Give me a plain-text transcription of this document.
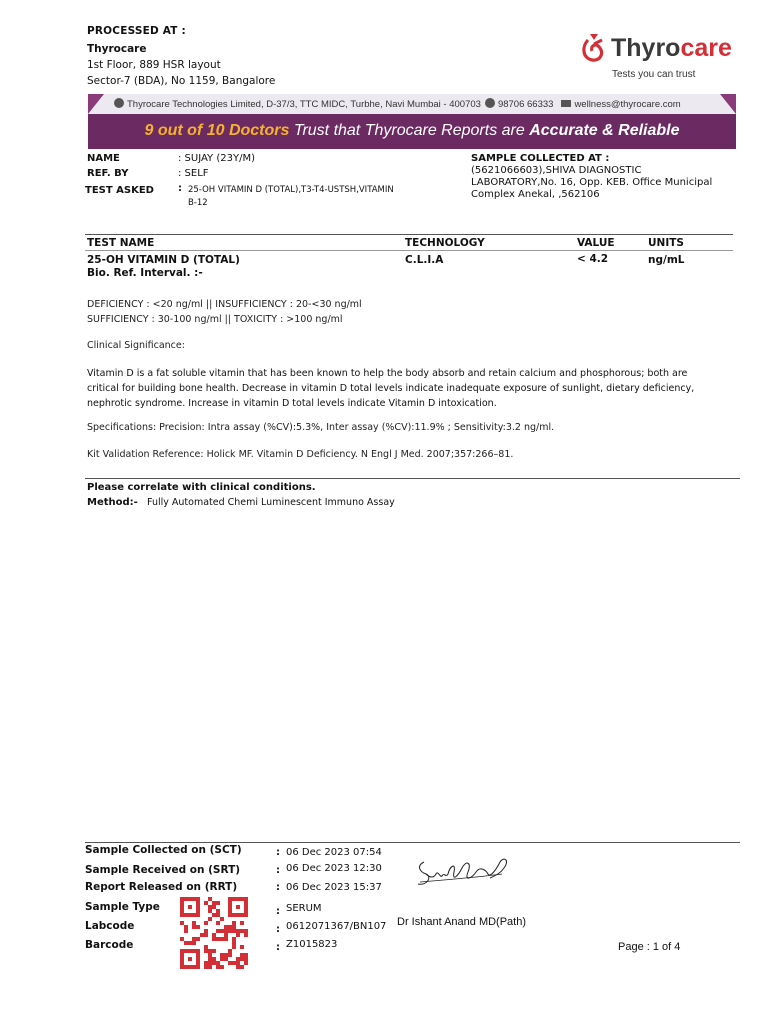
PROCESSED AT :
Thyrocare
1st Floor, 889 HSR layout
Sector-7 (BDA), No 1159, Bangalore
Thyrocare
Tests you can trust
Thyrocare Technologies Limited, D-37/3, TTC MIDC, Turbhe, Navi Mumbai - 400703 98706 66333 wellness@thyrocare.com
9 out of 10 Doctors Trust that Thyrocare Reports are Accurate & Reliable
NAME	: SUJAY (23Y/M)
REF. BY	: SELF
TEST ASKED : 25-OH VITAMIN D (TOTAL),T3-T4-USTSH,VITAMIN
B-12
SAMPLE COLLECTED AT :
(5621066603),SHIVA DIAGNOSTIC
LABORATORY,No. 16, Opp. KEB. Office Municipal
Complex Anekal, ,562106
TEST NAME	TECHNOLOGY	VALUE	UNITS
25-OH VITAMIN D (TOTAL)	C.L.I.A	< 4.2	ng/mL
Bio. Ref. Interval. :-
DEFICIENCY : <20 ng/ml || INSUFFICIENCY : 20-<30 ng/ml
SUFFICIENCY : 30-100 ng/ml || TOXICITY : >100 ng/ml
Clinical Significance:
Vitamin D is a fat soluble vitamin that has been known to help the body absorb and retain calcium and phosphorous; both are critical for building bone health. Decrease in vitamin D total levels indicate inadequate exposure of sunlight, dietary deficiency, nephrotic syndrome. Increase in vitamin D total levels indicate Vitamin D intoxication.
Specifications: Precision: Intra assay (%CV):5.3%, Inter assay (%CV):11.9% ; Sensitivity:3.2 ng/ml.
Kit Validation Reference: Holick MF. Vitamin D Deficiency. N Engl J Med. 2007;357:266–81.
Please correlate with clinical conditions.
Method:- Fully Automated Chemi Luminescent Immuno Assay
Sample Collected on (SCT)	: 06 Dec 2023 07:54
Sample Received on (SRT)	: 06 Dec 2023 12:30
Report Released on (RRT)	: 06 Dec 2023 15:37
Sample Type	: SERUM
Labcode	: 0612071367/BN107
Barcode	: Z1015823
Dr Ishant Anand MD(Path)
Page : 1 of 4
